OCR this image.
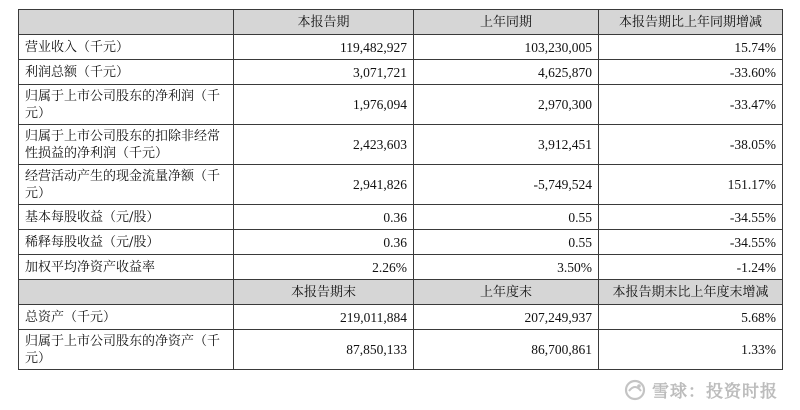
	本报告期	上年同期	本报告期比上年同期增减
营业收入（千元）	119,482,927	103,230,005	15.74%
利润总额（千元）	3,071,721	4,625,870	-33.60%
归属于上市公司股东的净利润（千元）	1,976,094	2,970,300	-33.47%
归属于上市公司股东的扣除非经常性损益的净利润（千元）	2,423,603	3,912,451	-38.05%
经营活动产生的现金流量净额（千元）	2,941,826	-5,749,524	151.17%
基本每股收益（元/股）	0.36	0.55	-34.55%
稀释每股收益（元/股）	0.36	0.55	-34.55%
加权平均净资产收益率	2.26%	3.50%	-1.24%
	本报告期末	上年度末	本报告期末比上年度末增减
总资产（千元）	219,011,884	207,249,937	5.68%
归属于上市公司股东的净资产（千元）	87,850,133	86,700,861	1.33%
雪球：投资时报
